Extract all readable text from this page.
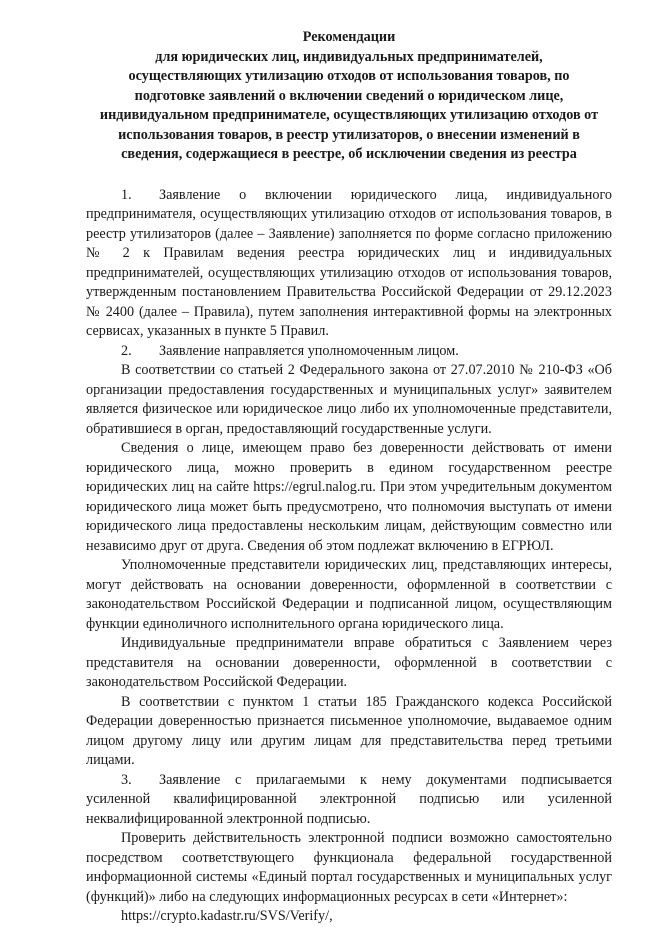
Рекомендации
для юридических лиц, индивидуальных предпринимателей,
осуществляющих утилизацию отходов от использования товаров, по
подготовке заявлений о включении сведений о юридическом лице,
индивидуальном предпринимателе, осуществляющих утилизацию отходов от
использования товаров, в реестр утилизаторов, о внесении изменений в
сведения, содержащиеся в реестре, об исключении сведения из реестра

1. Заявление о включении юридического лица, индивидуального предпринимателя, осуществляющих утилизацию отходов от использования товаров, в реестр утилизаторов (далее – Заявление) заполняется по форме согласно приложению № 2 к Правилам ведения реестра юридических лиц и индивидуальных предпринимателей, осуществляющих утилизацию отходов от использования товаров, утвержденным постановлением Правительства Российской Федерации от 29.12.2023 № 2400 (далее – Правила), путем заполнения интерактивной формы на электронных сервисах, указанных в пункте 5 Правил.

2. Заявление направляется уполномоченным лицом.

В соответствии со статьей 2 Федерального закона от 27.07.2010 № 210-ФЗ «Об организации предоставления государственных и муниципальных услуг» заявителем является физическое или юридическое лицо либо их уполномоченные представители, обратившиеся в орган, предоставляющий государственные услуги.

Сведения о лице, имеющем право без доверенности действовать от имени юридического лица, можно проверить в едином государственном реестре юридических лиц на сайте https://egrul.nalog.ru. При этом учредительным документом юридического лица может быть предусмотрено, что полномочия выступать от имени юридического лица предоставлены нескольким лицам, действующим совместно или независимо друг от друга. Сведения об этом подлежат включению в ЕГРЮЛ.

Уполномоченные представители юридических лиц, представляющих интересы, могут действовать на основании доверенности, оформленной в соответствии с законодательством Российской Федерации и подписанной лицом, осуществляющим функции единоличного исполнительного органа юридического лица.

Индивидуальные предприниматели вправе обратиться с Заявлением через представителя на основании доверенности, оформленной в соответствии с законодательством Российской Федерации.

В соответствии с пунктом 1 статьи 185 Гражданского кодекса Российской Федерации доверенностью признается письменное уполномочие, выдаваемое одним лицом другому лицу или другим лицам для представительства перед третьими лицами.

3. Заявление с прилагаемыми к нему документами подписывается усиленной квалифицированной электронной подписью или усиленной неквалифицированной электронной подписью.

Проверить действительность электронной подписи возможно самостоятельно посредством соответствующего функционала федеральной государственной информационной системы «Единый портал государственных и муниципальных услуг (функций)» либо на следующих информационных ресурсах в сети «Интернет»:

https://crypto.kadastr.ru/SVS/Verify/,
